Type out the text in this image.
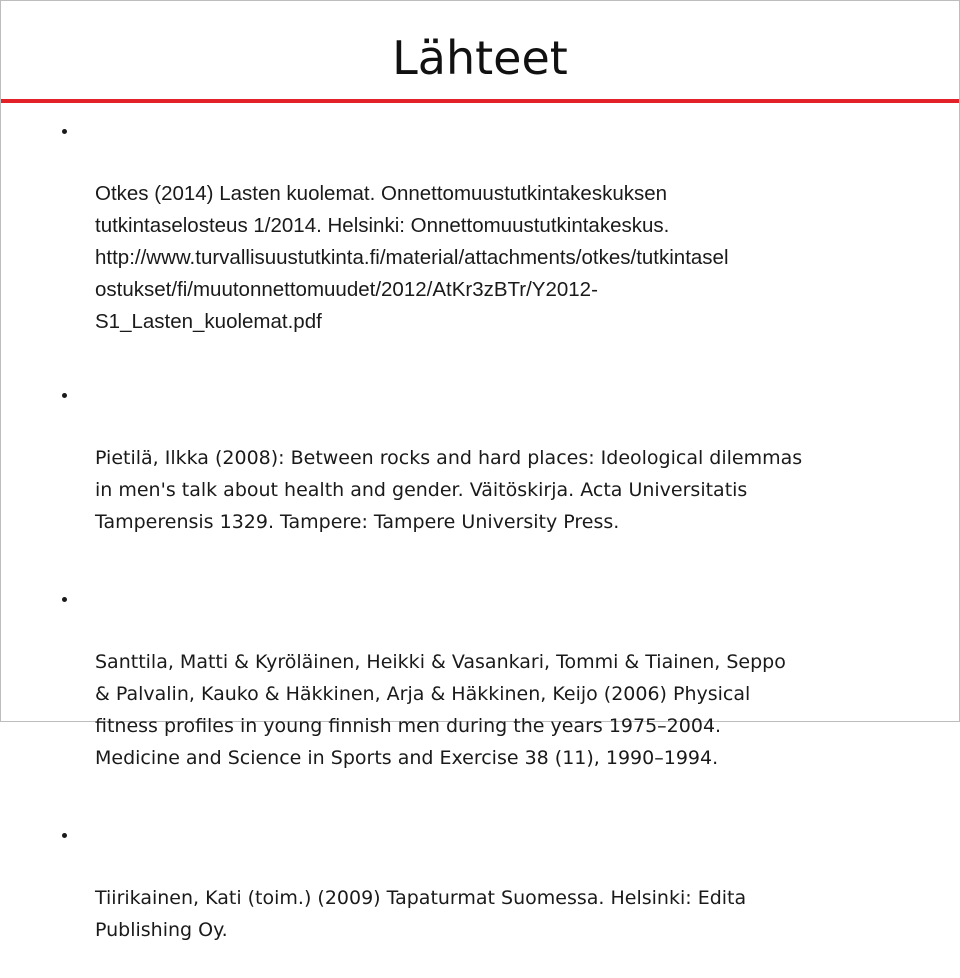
Lähteet

Otkes (2014) Lasten kuolemat. Onnettomuustutkintakeskuksen
tutkintaselosteus 1/2014. Helsinki: Onnettomuustutkintakeskus.
http://www.turvallisuustutkinta.fi/material/attachments/otkes/tutkintasel
ostukset/fi/muutonnettomuudet/2012/AtKr3zBTr/Y2012-
S1_Lasten_kuolemat.pdf

Pietilä, Ilkka (2008): Between rocks and hard places: Ideological dilemmas
in men's talk about health and gender. Väitöskirja. Acta Universitatis
Tamperensis 1329. Tampere: Tampere University Press.

Santtila, Matti & Kyröläinen, Heikki & Vasankari, Tommi & Tiainen, Seppo
& Palvalin, Kauko & Häkkinen, Arja & Häkkinen, Keijo (2006) Physical
fitness profiles in young finnish men during the years 1975–2004.
Medicine and Science in Sports and Exercise 38 (11), 1990–1994.

Tiirikainen, Kati (toim.) (2009) Tapaturmat Suomessa. Helsinki: Edita
Publishing Oy.
